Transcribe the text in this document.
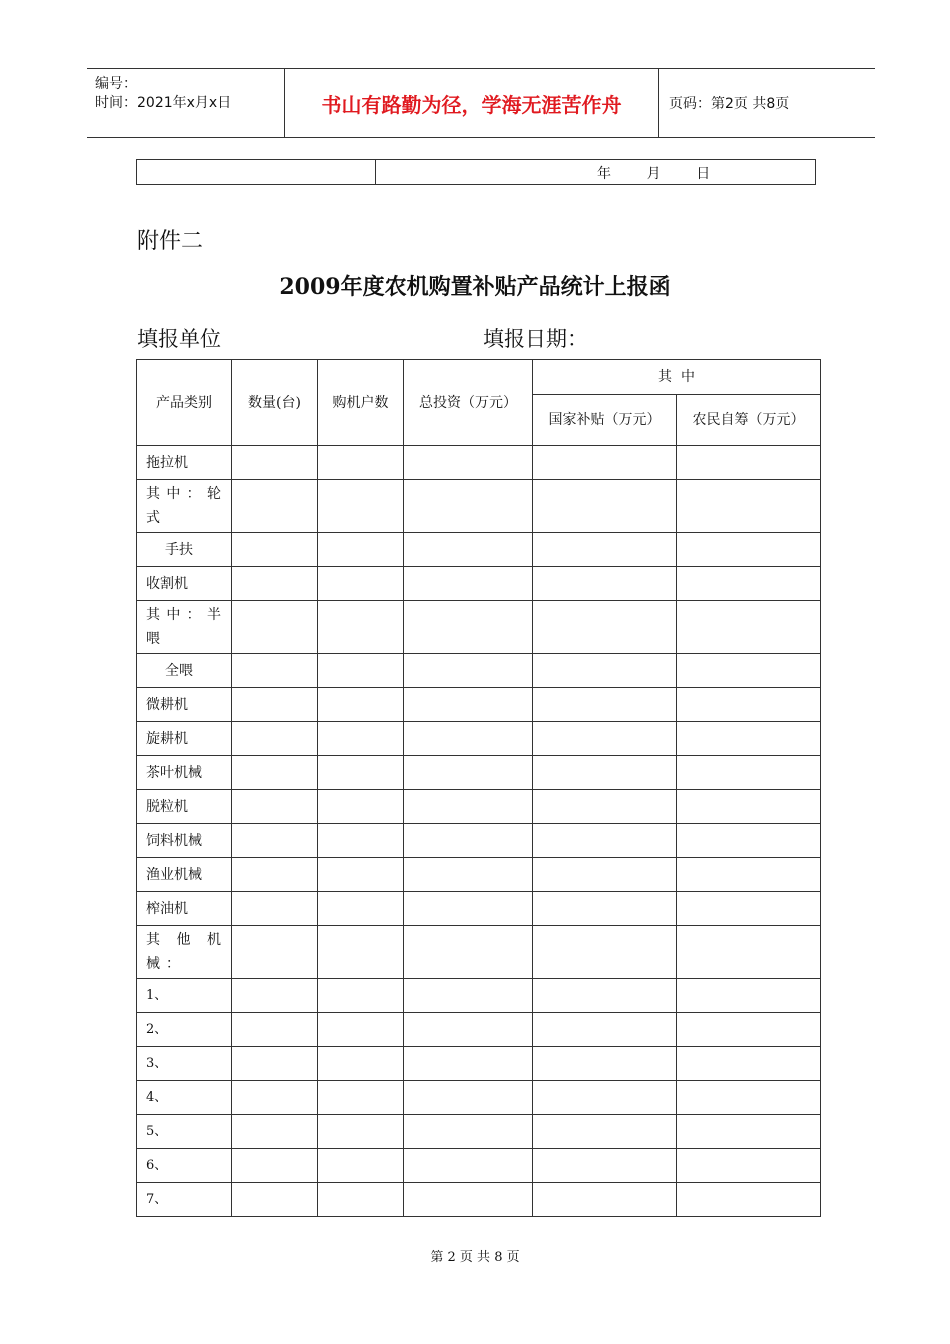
编号：
时间：2021年x月x日	书山有路勤为径，学海无涯苦作舟	页码：第2页 共8页
年        月        日
附件二
2009年度农机购置补贴产品统计上报函
填报单位	填报日期：
产品类别	数量(台)	购机户数	总投资（万元）	其  中	
				国家补贴（万元）	农民自筹（万元）
拖拉机					
其中：轮式					
手扶					
收割机					
其中：半喂					
全喂					
微耕机					
旋耕机					
茶叶机械					
脱粒机					
饲料机械					
渔业机械					
榨油机					
其他机械：					
1、					
2、					
3、					
4、					
5、					
6、					
7、					
第 2 页 共 8 页
